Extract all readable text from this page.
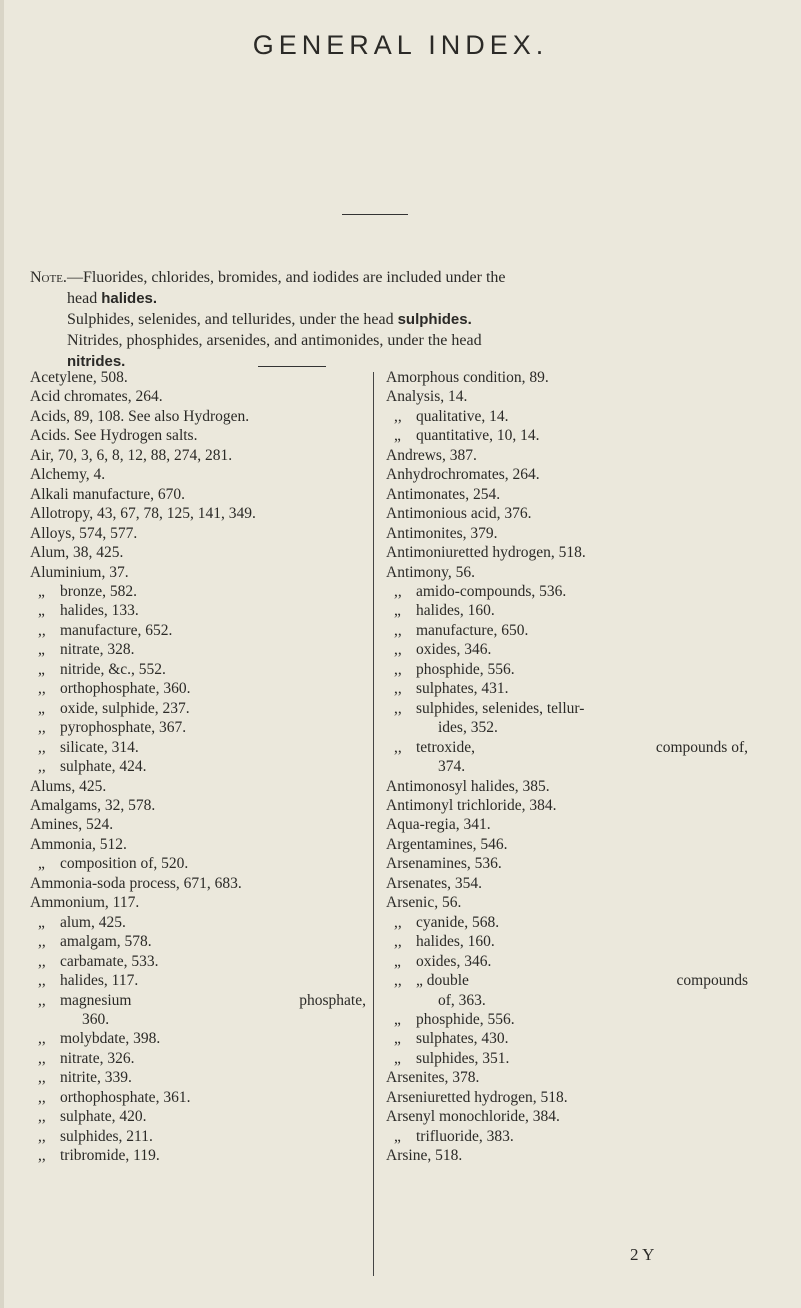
GENERAL INDEX.

Note.—Fluorides, chlorides, bromides, and iodides are included under the

head halides.

Sulphides, selenides, and tellurides, under the head sulphides.

Nitrides, phosphides, arsenides, and antimonides, under the head

nitrides.

Acetylene, 508.
Acid chromates, 264.
Acids, 89, 108. See also Hydrogen.
Acids. See Hydrogen salts.
Air, 70, 3, 6, 8, 12, 88, 274, 281.
Alchemy, 4.
Alkali manufacture, 670.
Allotropy, 43, 67, 78, 125, 141, 349.
Alloys, 574, 577.
Alum, 38, 425.
Aluminium, 37.
„ bronze, 582.
„ halides, 133.
,, manufacture, 652.
„ nitrate, 328.
„ nitride, &c., 552.
,, orthophosphate, 360.
„ oxide, sulphide, 237.
,, pyrophosphate, 367.
,, silicate, 314.
,, sulphate, 424.
Alums, 425.
Amalgams, 32, 578.
Amines, 524.
Ammonia, 512.
„ composition of, 520.
Ammonia-soda process, 671, 683.
Ammonium, 117.
„ alum, 425.
,, amalgam, 578.
,, carbamate, 533.
,, halides, 117.
,, magnesium	phosphate,
360.
,, molybdate, 398.
,, nitrate, 326.
,, nitrite, 339.
,, orthophosphate, 361.
,, sulphate, 420.
,, sulphides, 211.
,, tribromide, 119.
Amorphous condition, 89.
Analysis, 14.
,, qualitative, 14.
„ quantitative, 10, 14.
Andrews, 387.
Anhydrochromates, 264.
Antimonates, 254.
Antimonious acid, 376.
Antimonites, 379.
Antimoniuretted hydrogen, 518.
Antimony, 56.
,, amido-compounds, 536.
„ halides, 160.
,, manufacture, 650.
,, oxides, 346.
,, phosphide, 556.
,, sulphates, 431.
,, sulphides, selenides, tellur-
ides, 352.
,, tetroxide,	compounds of,
374.
Antimonosyl halides, 385.
Antimonyl trichloride, 384.
Aqua-regia, 341.
Argentamines, 546.
Arsenamines, 536.
Arsenates, 354.
Arsenic, 56.
,, cyanide, 568.
,, halides, 160.
„ oxides, 346.
,, „ double	compounds
of, 363.
„ phosphide, 556.
„ sulphates, 430.
„ sulphides, 351.
Arsenites, 378.
Arseniuretted hydrogen, 518.
Arsenyl monochloride, 384.
„ trifluoride, 383.
Arsine, 518.
2 Y
